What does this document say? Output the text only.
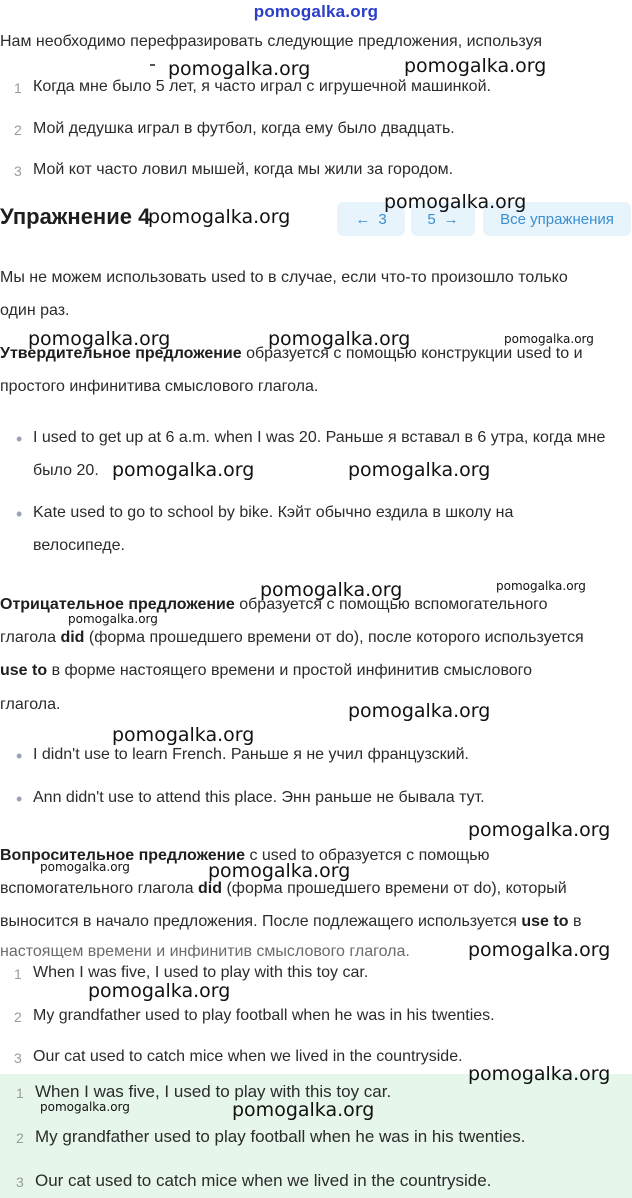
pomogalka.org
Нам необходимо перефразировать следующие предложения, используя
1 Когда мне было 5 лет, я часто играл с игрушечной машинкой.
2 Мой дедушка играл в футбол, когда ему было двадцать.
3 Мой кот часто ловил мышей, когда мы жили за городом.
Упражнение 4	← 3	5 →	Все упражнения
Мы не можем использовать used to в случае, если что-то произошло только
один раз.
Утвердительное предложение образуется с помощью конструкции used to и
простого инфинитива смыслового глагола.
• I used to get up at 6 a.m. when I was 20. Раньше я вставал в 6 утра, когда мне
было 20.
• Kate used to go to school by bike. Кэйт обычно ездила в школу на
велосипеде.
Отрицательное предложение образуется с помощью вспомогательного
глагола did (форма прошедшего времени от do), после которого используется
use to в форме настоящего времени и простой инфинитив смыслового
глагола.
• I didn't use to learn French. Раньше я не учил французский.
• Ann didn't use to attend this place. Энн раньше не бывала тут.
Вопросительное предложение с used to образуется с помощью
вспомогательного глагола did (форма прошедшего времени от do), который
выносится в начало предложения. После подлежащего используется use to в
настоящем времени и инфинитив смыслового глагола.
1 When I was five, I used to play with this toy car.
2 My grandfather used to play football when he was in his twenties.
3 Our cat used to catch mice when we lived in the countryside.
1 When I was five, I used to play with this toy car.
2 My grandfather used to play football when he was in his twenties.
3 Our cat used to catch mice when we lived in the countryside.
pomogalka.org	pomogalka.org
pomogalka.org
pomogalka.org
pomogalka.org	pomogalka.org	pomogalka.org
pomogalka.org	pomogalka.org
pomogalka.org	pomogalka.org
pomogalka.org
pomogalka.org
pomogalka.org
pomogalka.org
pomogalka.org	pomogalka.org
pomogalka.org
pomogalka.org
pomogalka.org
pomogalka.org	pomogalka.org
